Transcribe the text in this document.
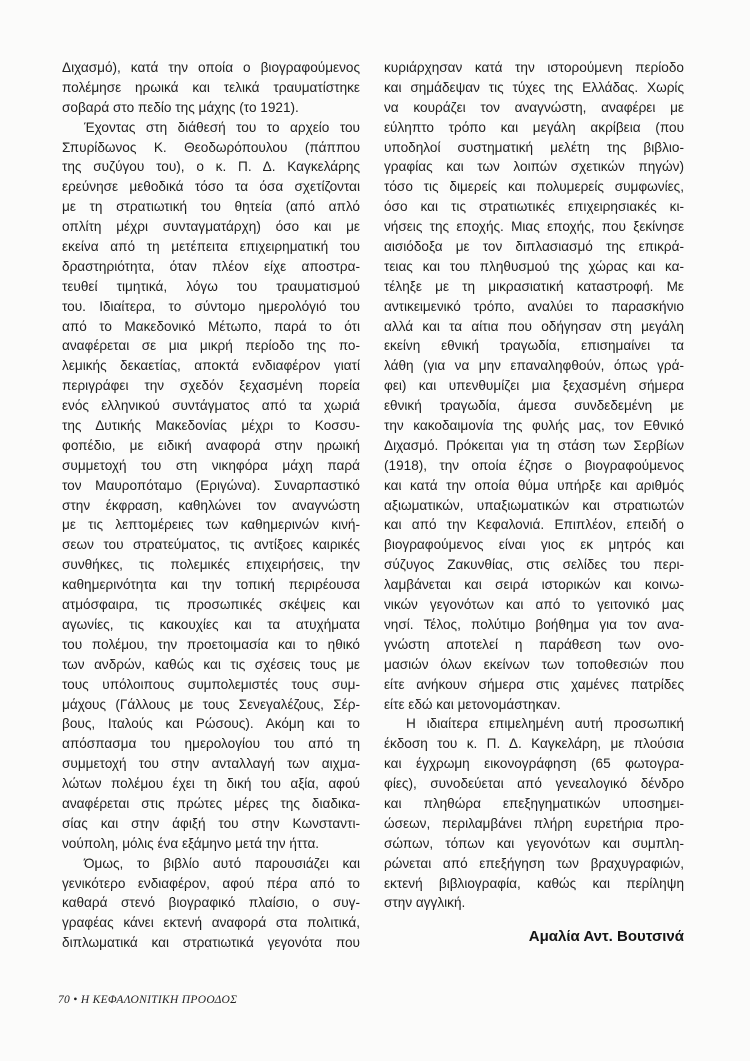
Διχασμό), κατά την οποία ο βιογραφούμενος
πολέμησε ηρωικά και τελικά τραυματίστηκε
σοβαρά στο πεδίο της μάχης (το 1921).
Έχοντας στη διάθεσή του το αρχείο του
Σπυρίδωνος Κ. Θεοδωρόπουλου (πάππου
της συζύγου του), ο κ. Π. Δ. Καγκελάρης
ερεύνησε μεθοδικά τόσο τα όσα σχετίζονται
με τη στρατιωτική του θητεία (από απλό
οπλίτη μέχρι συνταγματάρχη) όσο και με
εκείνα από τη μετέπειτα επιχειρηματική του
δραστηριότητα, όταν πλέον είχε αποστρα-
τευθεί τιμητικά, λόγω του τραυματισμού
του. Ιδιαίτερα, το σύντομο ημερολόγιό του
από το Μακεδονικό Μέτωπο, παρά το ότι
αναφέρεται σε μια μικρή περίοδο της πο-
λεμικής δεκαετίας, αποκτά ενδιαφέρον γιατί
περιγράφει την σχεδόν ξεχασμένη πορεία
ενός ελληνικού συντάγματος από τα χωριά
της Δυτικής Μακεδονίας μέχρι το Κοσσυ-
φοπέδιο, με ειδική αναφορά στην ηρωική
συμμετοχή του στη νικηφόρα μάχη παρά
τον Μαυροπόταμο (Εριγώνα). Συναρπαστικό
στην έκφραση, καθηλώνει τον αναγνώστη
με τις λεπτομέρειες των καθημερινών κινή-
σεων του στρατεύματος, τις αντίξοες καιρικές
συνθήκες, τις πολεμικές επιχειρήσεις, την
καθημερινότητα και την τοπική περιρέουσα
ατμόσφαιρα, τις προσωπικές σκέψεις και
αγωνίες, τις κακουχίες και τα ατυχήματα
του πολέμου, την προετοιμασία και το ηθικό
των ανδρών, καθώς και τις σχέσεις τους με
τους υπόλοιπους συμπολεμιστές τους συμ-
μάχους (Γάλλους με τους Σενεγαλέζους, Σέρ-
βους, Ιταλούς και Ρώσους). Ακόμη και το
απόσπασμα του ημερολογίου του από τη
συμμετοχή του στην ανταλλαγή των αιχμα-
λώτων πολέμου έχει τη δική του αξία, αφού
αναφέρεται στις πρώτες μέρες της διαδικα-
σίας και στην άφιξή του στην Κωνσταντι-
νούπολη, μόλις ένα εξάμηνο μετά την ήττα.
Όμως, το βιβλίο αυτό παρουσιάζει και
γενικότερο ενδιαφέρον, αφού πέρα από το
καθαρά στενό βιογραφικό πλαίσιο, ο συγ-
γραφέας κάνει εκτενή αναφορά στα πολιτικά,
διπλωματικά και στρατιωτικά γεγονότα που
κυριάρχησαν κατά την ιστορούμενη περίοδο
και σημάδεψαν τις τύχες της Ελλάδας. Χωρίς
να κουράζει τον αναγνώστη, αναφέρει με
εύληπτο τρόπο και μεγάλη ακρίβεια (που
υποδηλοί συστηματική μελέτη της βιβλιο-
γραφίας και των λοιπών σχετικών πηγών)
τόσο τις διμερείς και πολυμερείς συμφωνίες,
όσο και τις στρατιωτικές επιχειρησιακές κι-
νήσεις της εποχής. Μιας εποχής, που ξεκίνησε
αισιόδοξα με τον διπλασιασμό της επικρά-
τειας και του πληθυσμού της χώρας και κα-
τέληξε με τη μικρασιατική καταστροφή. Με
αντικειμενικό τρόπο, αναλύει το παρασκήνιο
αλλά και τα αίτια που οδήγησαν στη μεγάλη
εκείνη εθνική τραγωδία, επισημαίνει τα
λάθη (για να μην επαναληφθούν, όπως γρά-
φει) και υπενθυμίζει μια ξεχασμένη σήμερα
εθνική τραγωδία, άμεσα συνδεδεμένη με
την κακοδαιμονία της φυλής μας, τον Εθνικό
Διχασμό. Πρόκειται για τη στάση των Σερβίων
(1918), την οποία έζησε ο βιογραφούμενος
και κατά την οποία θύμα υπήρξε και αριθμός
αξιωματικών, υπαξιωματικών και στρατιωτών
και από την Κεφαλονιά. Επιπλέον, επειδή ο
βιογραφούμενος είναι γιος εκ μητρός και
σύζυγος Ζακυνθίας, στις σελίδες του περι-
λαμβάνεται και σειρά ιστορικών και κοινω-
νικών γεγονότων και από το γειτονικό μας
νησί. Τέλος, πολύτιμο βοήθημα για τον ανα-
γνώστη αποτελεί η παράθεση των ονο-
μασιών όλων εκείνων των τοποθεσιών που
είτε ανήκουν σήμερα στις χαμένες πατρίδες
είτε εδώ και μετονομάστηκαν.
Η ιδιαίτερα επιμελημένη αυτή προσωπική
έκδοση του κ. Π. Δ. Καγκελάρη, με πλούσια
και έγχρωμη εικονογράφηση (65 φωτογρα-
φίες), συνοδεύεται από γενεαλογικό δένδρο
και πληθώρα επεξηγηματικών υποσημει-
ώσεων, περιλαμβάνει πλήρη ευρετήρια προ-
σώπων, τόπων και γεγονότων και συμπλη-
ρώνεται από επεξήγηση των βραχυγραφιών,
εκτενή βιβλιογραφία, καθώς και περίληψη
στην αγγλική.
Αμαλία Αντ. Βουτσινά
70 • Η ΚΕΦΑΛΟΝΙΤΙΚΗ ΠΡΟΟΔΟΣ
